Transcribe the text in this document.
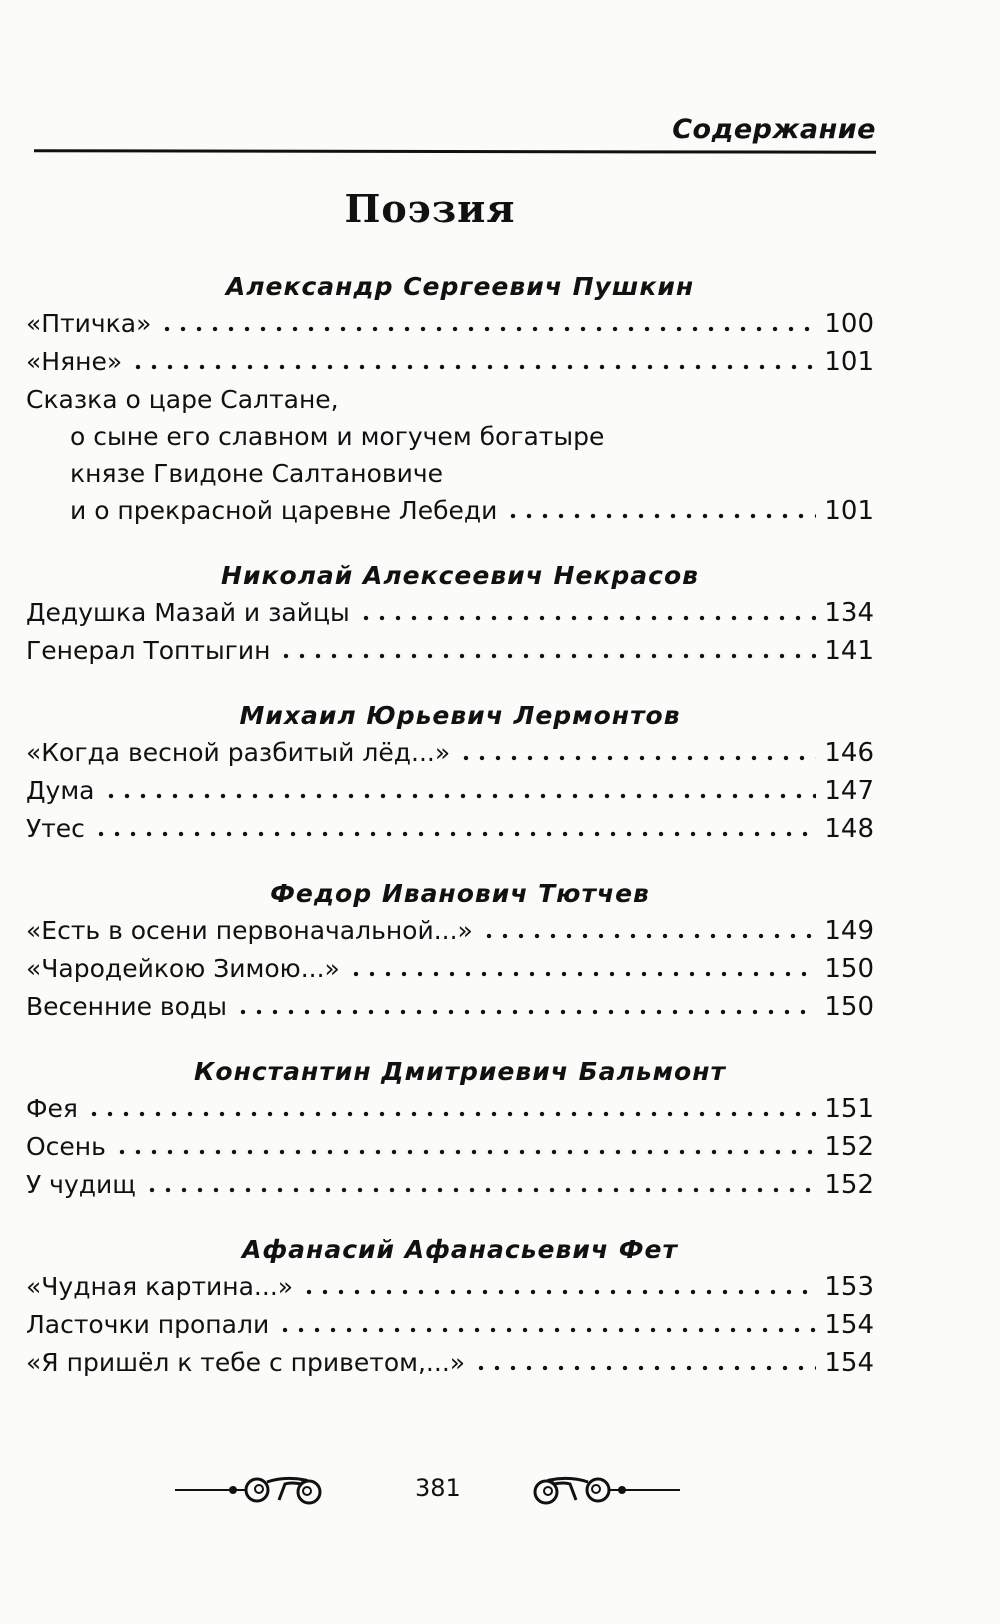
Содержание
Поэзия
Александр Сергеевич Пушкин
«Птичка»	100
«Няне»	101
Сказка о царе Салтане,
о сыне его славном и могучем богатыре
князе Гвидоне Салтановиче
и о прекрасной царевне Лебеди	101
Николай Алексеевич Некрасов
Дедушка Мазай и зайцы	134
Генерал Топтыгин	141
Михаил Юрьевич Лермонтов
«Когда весной разбитый лёд...»	146
Дума	147
Утес	148
Федор Иванович Тютчев
«Есть в осени первоначальной...»	149
«Чародейкою Зимою...»	150
Весенние воды	150
Константин Дмитриевич Бальмонт
Фея	151
Осень	152
У чудищ	152
Афанасий Афанасьевич Фет
«Чудная картина...»	153
Ласточки пропали	154
«Я пришёл к тебе с приветом,...»	154
381
